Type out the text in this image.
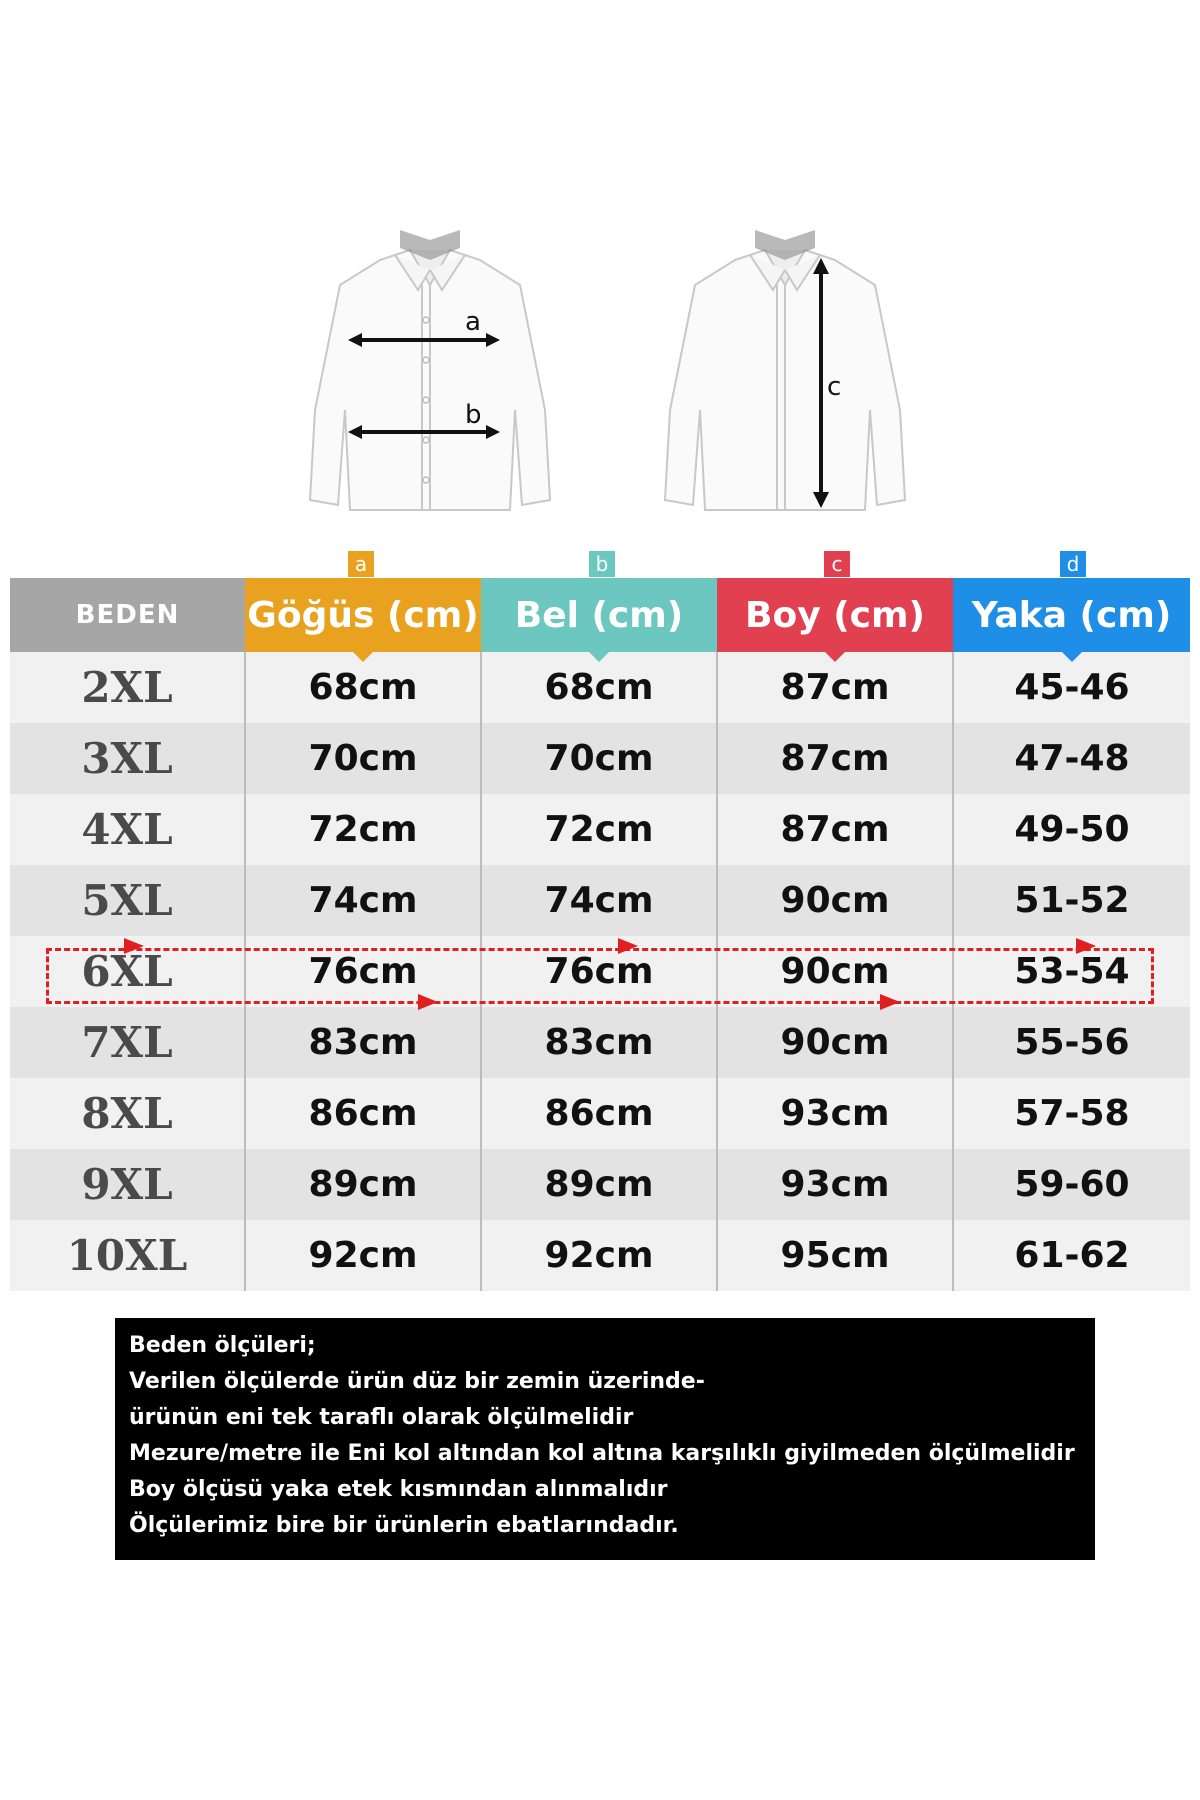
a
b
c
a	b	c	d
BEDEN	Göğüs (cm)	Bel (cm)	Boy (cm)	Yaka (cm)
2XL	68cm	68cm	87cm	45-46
3XL	70cm	70cm	87cm	47-48
4XL	72cm	72cm	87cm	49-50
5XL	74cm	74cm	90cm	51-52
6XL	76cm	76cm	90cm	53-54
7XL	83cm	83cm	90cm	55-56
8XL	86cm	86cm	93cm	57-58
9XL	89cm	89cm	93cm	59-60
10XL	92cm	92cm	95cm	61-62
Beden ölçüleri;
Verilen ölçülerde ürün düz bir zemin üzerinde-
ürünün eni tek taraflı olarak ölçülmelidir
Mezure/metre ile Eni kol altından kol altına karşılıklı giyilmeden ölçülmelidir
Boy ölçüsü yaka etek kısmından alınmalıdır
Ölçülerimiz bire bir ürünlerin ebatlarındadır.
